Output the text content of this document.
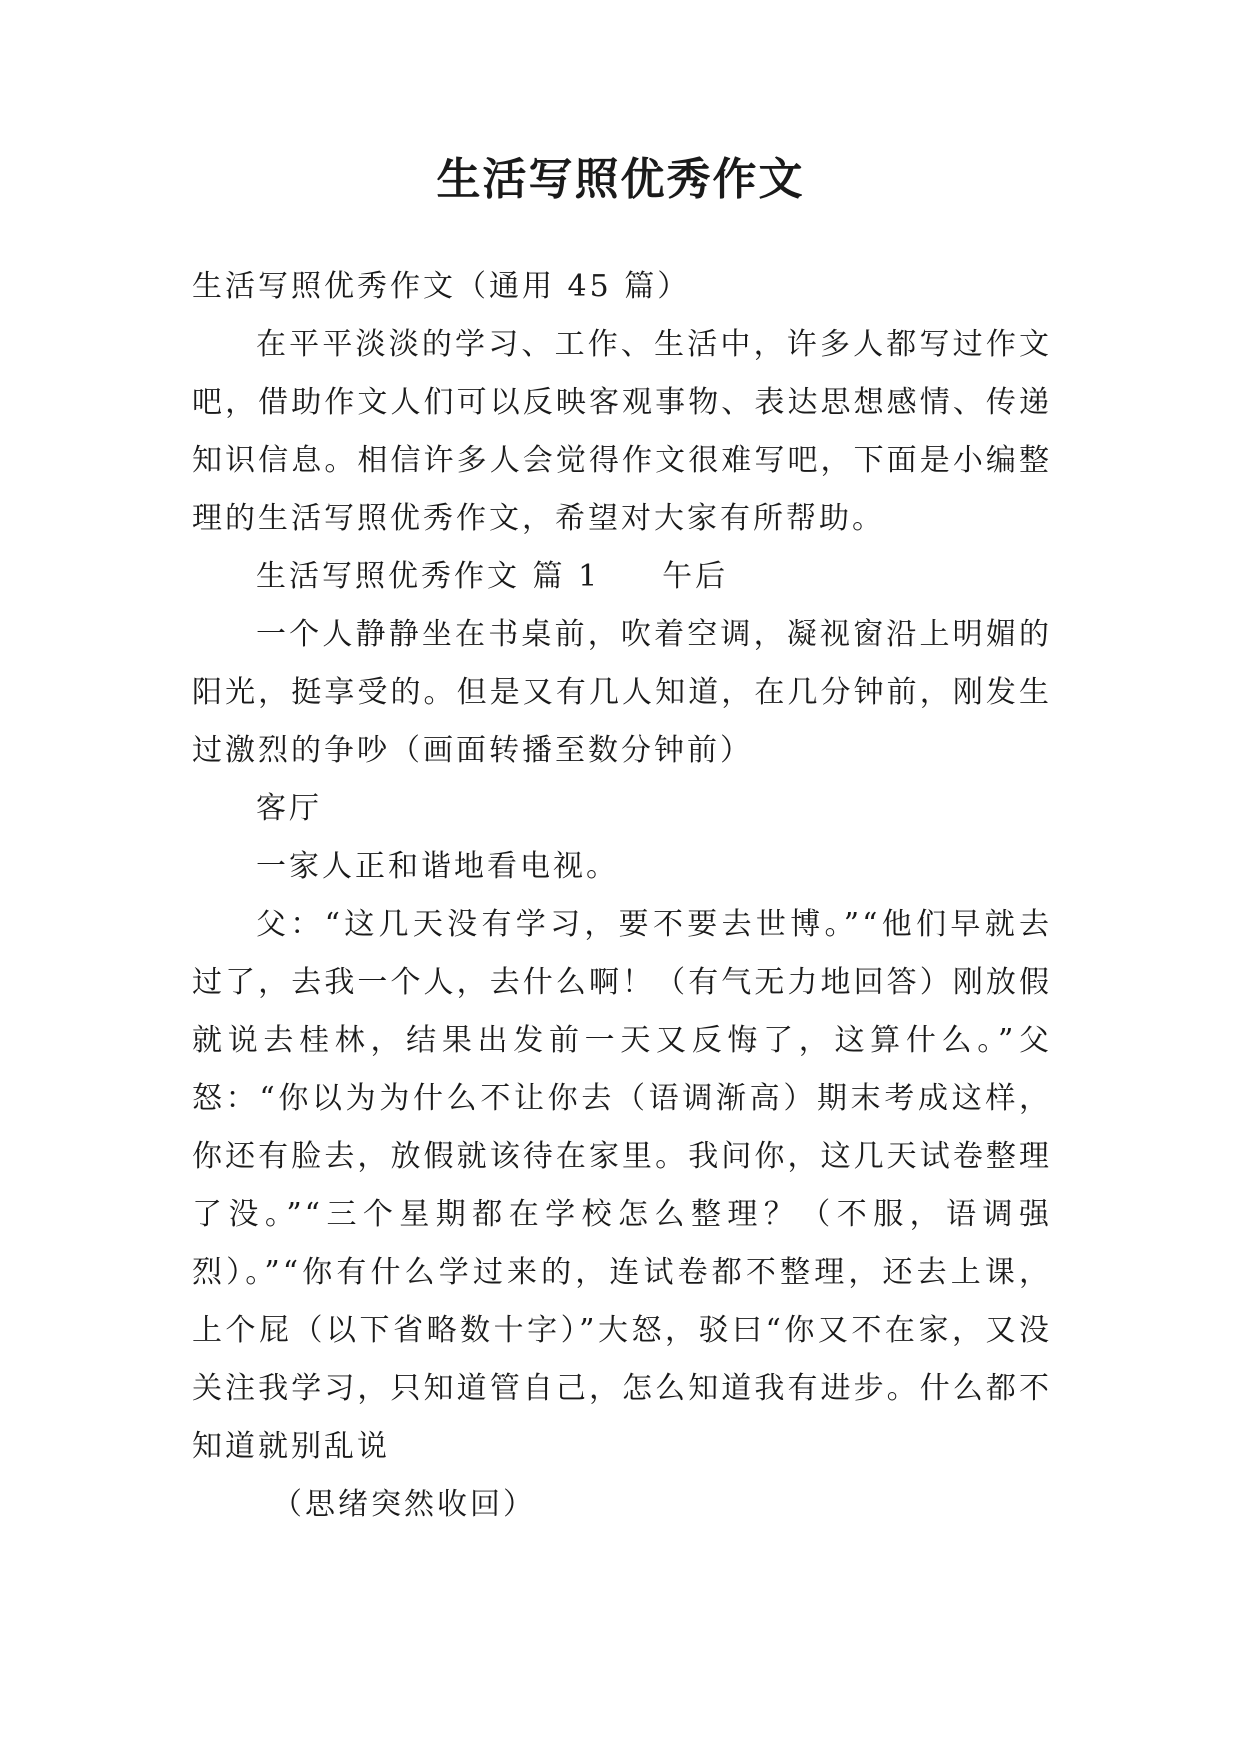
生活写照优秀作文

生活写照优秀作文（通用 45 篇）

在平平淡淡的学习、工作、生活中，许多人都写过作文吧，借助作文人们可以反映客观事物、表达思想感情、传递知识信息。相信许多人会觉得作文很难写吧，下面是小编整理的生活写照优秀作文，希望对大家有所帮助。

生活写照优秀作文 篇 1 午后

一个人静静坐在书桌前，吹着空调，凝视窗沿上明媚的阳光，挺享受的。但是又有几人知道，在几分钟前，刚发生过激烈的争吵（画面转播至数分钟前）

客厅

一家人正和谐地看电视。

父：“这几天没有学习，要不要去世博。”“他们早就去过了，去我一个人，去什么啊！（有气无力地回答）刚放假就说去桂林，结果出发前一天又反悔了，这算什么。”父怒：“你以为为什么不让你去（语调渐高）期末考成这样，你还有脸去，放假就该待在家里。我问你，这几天试卷整理了没。”“三个星期都在学校怎么整理？（不服，语调强烈）。”“你有什么学过来的，连试卷都不整理，还去上课，上个屁（以下省略数十字）”大怒，驳曰“你又不在家，又没关注我学习，只知道管自己，怎么知道我有进步。什么都不知道就别乱说

（思绪突然收回）
